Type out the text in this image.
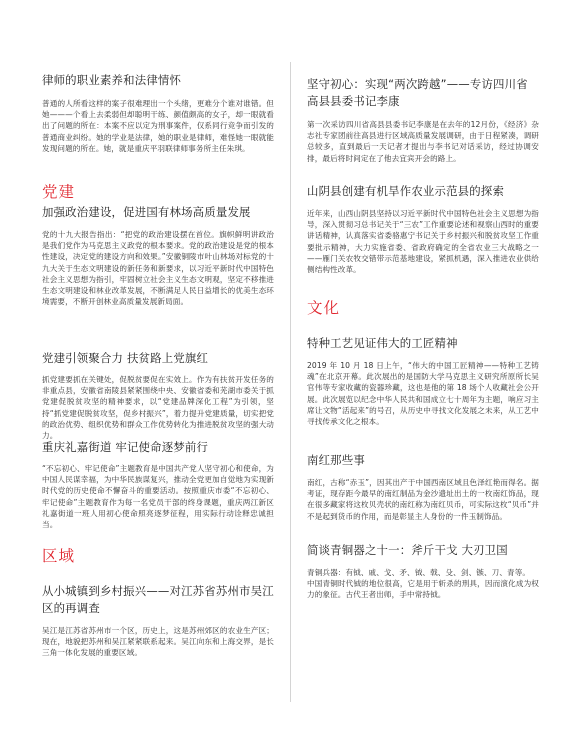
律师的职业素养和法律情怀
普通的人所看这样的案子很难理出一个头绪，更难分个谁对谁错。但她———个看上去柔弱但却聪明干练、颜值颇高的女子，却一眼就看出了问题的所在：本案不应以定为刑事案件，仅系同行竞争而引发的普通商业纠纷。她的学业是法律，她的职业是律师，难怪她一眼就能发现问题的所在。她，就是重庆平羽联律师事务所主任朱琪。
党建
加强政治建设，促进国有林场高质量发展
党的十九大报告指出：“把党的政治建设摆在首位。旗帜鲜明讲政治是我们党作为马克思主义政党的根本要求。党的政治建设是党的根本性建设，决定党的建设方向和效果。”安徽铜陵市叶山林场对标党的十九大关于生态文明建设的新任务和新要求，以习近平新时代中国特色社会主义思想为指引，牢固树立社会主义生态文明观，坚定不移推进生态文明建设和林业改革发展，不断满足人民日益增长的优美生态环境需要，不断开创林业高质量发展新局面。
党建引领聚合力 扶贫路上党旗红
抓党建要抓在关键处，促脱贫要促在实效上。作为有扶贫开发任务的非重点县，安徽省南陵县紧紧围绕中央、安徽省委和芜湖市委关于抓党建促脱贫攻坚的精神要求，以“党建品牌深化工程”为引领，坚持“抓党建促脱贫攻坚，促乡村振兴”，着力提升党建质量，切实把党的政治优势、组织优势和群众工作优势转化为推进脱贫攻坚的强大动力。
重庆礼嘉街道 牢记使命逐梦前行
“不忘初心、牢记使命”主题教育是中国共产党人坚守初心和使命，为中国人民谋幸福，为中华民族谋复兴，推动全党更加自觉地为实现新时代党的历史使命不懈奋斗的重要活动。按照重庆市委“不忘初心、牢记使命”主题教育作为每一名党员干部的终身课题，重庆两江新区礼嘉街道一班人用初心使命照亮逐梦征程，用实际行动诠释忠诚担当。
区域
从小城镇到乡村振兴——对江苏省苏州市吴江区的再调查
吴江是江苏省苏州市一个区，历史上，这是苏州郊区的农业生产区；现在，地貌把苏州和吴江紧紧联系起来。吴江向东和上海交界，是长三角一体化发展的重要区域。
坚守初心：实现“两次跨越”——专访四川省高县县委书记李康
第一次采访四川省高县县委书记李康是在去年的12月份，《经济》杂志社专家团前往高县进行区域高质量发展调研，由于日程紧凑，调研总较多，直到最后一天记者才提出与李书记对话采访，经过协调安排，最后将时间定在了他去宜宾开会的路上。
山阴县创建有机旱作农业示范县的探索
近年来，山西山阴县坚持以习近平新时代中国特色社会主义思想为指导，深入贯彻习总书记关于“三农”工作重要论述和视察山西时的重要讲话精神，认真落实省委骆惠宁书记关于乡村振兴和脱贫攻坚工作重要批示精神，大力实施省委、省政府确定的全省农业三大战略之一——雁门关农牧交错带示范基地建设，紧抓机遇，深入推进农业供给侧结构性改革。
文化
特种工艺见证伟大的工匠精神
2019 年 10 月 18 日上午，“伟大的中国工匠精神——特种工艺铸魂”在北京开幕。此次展出的是国防大学马克思主义研究所原所长吴官伟等专家收藏的瓷器珍藏，这也是他的第 18 场个人收藏社会公开展。此次展览以纪念中华人民共和国成立七十周年为主题，响应习主席让文物“活起来”的号召，从历史中寻找文化发展之未来，从工艺中寻找传承文化之根本。
南红那些事
南红，古称“赤玉”，因其出产于中国西南区域且色泽红艳而得名。据考证，现存距今最早的南红制品为金沙遗址出土的一枚南红饰品，现在很多藏家将这枚贝壳状的南红称为南红贝币，可实际这枚“贝币”并不是起到货币的作用，而是彰显主人身份的一件玉制饰品。
简谈青铜器之十一：斧斤干戈 大刃卫国
青铜兵器：有钺、戚、戈、矛、钺、戟、殳、剑、镞、刀、青等。
中国青铜时代钺的地位很高，它是用于斩杀的刑具，因而演化成为权力的象征。古代王者出师，手中常持钺。
